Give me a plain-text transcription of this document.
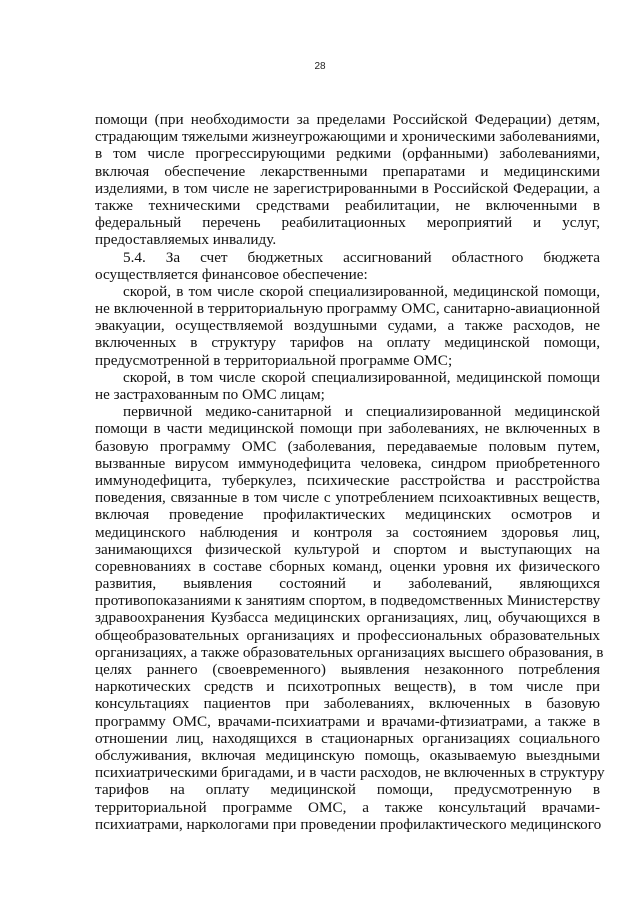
28
помощи (при необходимости за пределами Российской Федерации) детям,
страдающим тяжелыми жизнеугрожающими и хроническими заболеваниями,
в том числе прогрессирующими редкими (орфанными) заболеваниями,
включая обеспечение лекарственными препаратами и медицинскими
изделиями, в том числе не зарегистрированными в Российской Федерации, а
также техническими средствами реабилитации, не включенными в
федеральный перечень реабилитационных мероприятий и услуг,
предоставляемых инвалиду.
5.4. За счет бюджетных ассигнований областного бюджета
осуществляется финансовое обеспечение:
скорой, в том числе скорой специализированной, медицинской помощи,
не включенной в территориальную программу ОМС, санитарно-авиационной
эвакуации, осуществляемой воздушными судами, а также расходов, не
включенных в структуру тарифов на оплату медицинской помощи,
предусмотренной в территориальной программе ОМС;
скорой, в том числе скорой специализированной, медицинской помощи
не застрахованным по ОМС лицам;
первичной медико-санитарной и специализированной медицинской
помощи в части медицинской помощи при заболеваниях, не включенных в
базовую программу ОМС (заболевания, передаваемые половым путем,
вызванные вирусом иммунодефицита человека, синдром приобретенного
иммунодефицита, туберкулез, психические расстройства и расстройства
поведения, связанные в том числе с употреблением психоактивных веществ,
включая проведение профилактических медицинских осмотров и
медицинского наблюдения и контроля за состоянием здоровья лиц,
занимающихся физической культурой и спортом и выступающих на
соревнованиях в составе сборных команд, оценки уровня их физического
развития, выявления состояний и заболеваний, являющихся
противопоказаниями к занятиям спортом, в подведомственных Министерству
здравоохранения Кузбасса медицинских организациях, лиц, обучающихся в
общеобразовательных организациях и профессиональных образовательных
организациях, а также образовательных организациях высшего образования, в
целях раннего (своевременного) выявления незаконного потребления
наркотических средств и психотропных веществ), в том числе при
консультациях пациентов при заболеваниях, включенных в базовую
программу ОМС, врачами-психиатрами и врачами-фтизиатрами, а также в
отношении лиц, находящихся в стационарных организациях социального
обслуживания, включая медицинскую помощь, оказываемую выездными
психиатрическими бригадами, и в части расходов, не включенных в структуру
тарифов на оплату медицинской помощи, предусмотренную в
территориальной программе ОМС, а также консультаций врачами-
психиатрами, наркологами при проведении профилактического медицинского
